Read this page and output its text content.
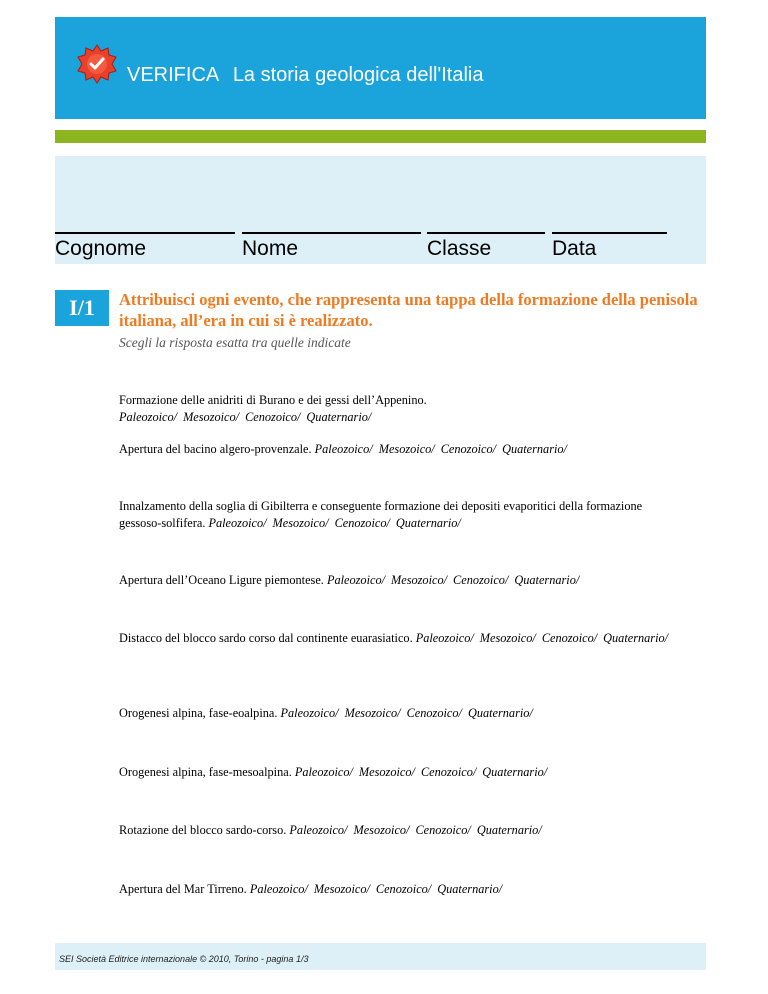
VERIFICA La storia geologica dell'Italia
Cognome	Nome	Classe	Data
I/1	Attribuisci ogni evento, che rappresenta una tappa della formazione della penisola italiana, all’era in cui si è realizzato.
Scegli la risposta esatta tra quelle indicate
Formazione delle anidriti di Burano e dei gessi dell’Appenino. Paleozoico/ Mesozoico/ Cenozoico/ Quaternario/
Apertura del bacino algero-provenzale. Paleozoico/ Mesozoico/ Cenozoico/ Quaternario/
Innalzamento della soglia di Gibilterra e conseguente formazione dei depositi evaporitici della formazione gessoso-solfifera. Paleozoico/ Mesozoico/ Cenozoico/ Quaternario/
Apertura dell’Oceano Ligure piemontese. Paleozoico/ Mesozoico/ Cenozoico/ Quaternario/
Distacco del blocco sardo corso dal continente euarasiatico. Paleozoico/ Mesozoico/ Cenozoico/ Quaternario/
Orogenesi alpina, fase-eoalpina. Paleozoico/ Mesozoico/ Cenozoico/ Quaternario/
Orogenesi alpina, fase-mesoalpina. Paleozoico/ Mesozoico/ Cenozoico/ Quaternario/
Rotazione del blocco sardo-corso. Paleozoico/ Mesozoico/ Cenozoico/ Quaternario/
Apertura del Mar Tirreno. Paleozoico/ Mesozoico/ Cenozoico/ Quaternario/
SEI Società Editrice internazionale © 2010, Torino - pagina 1/3
